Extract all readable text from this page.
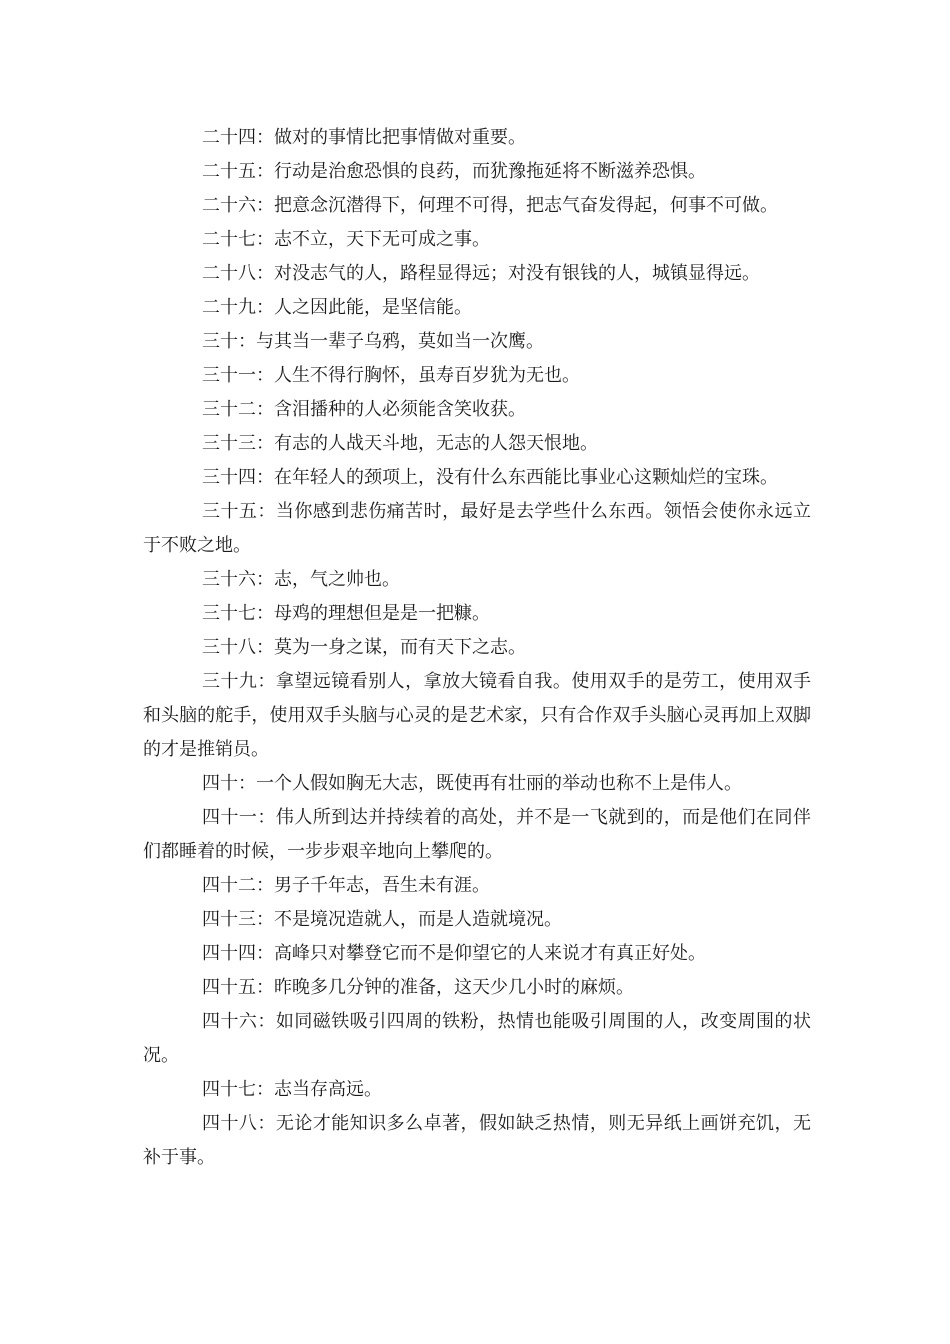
二十四：做对的事情比把事情做对重要。

二十五：行动是治愈恐惧的良药，而犹豫拖延将不断滋养恐惧。

二十六：把意念沉潜得下，何理不可得，把志气奋发得起，何事不可做。

二十七：志不立，天下无可成之事。

二十八：对没志气的人，路程显得远；对没有银钱的人，城镇显得远。

二十九：人之因此能，是坚信能。

三十：与其当一辈子乌鸦，莫如当一次鹰。

三十一：人生不得行胸怀，虽寿百岁犹为无也。

三十二：含泪播种的人必须能含笑收获。

三十三：有志的人战天斗地，无志的人怨天恨地。

三十四：在年轻人的颈项上，没有什么东西能比事业心这颗灿烂的宝珠。

三十五：当你感到悲伤痛苦时，最好是去学些什么东西。领悟会使你永远立于不败之地。

三十六：志，气之帅也。

三十七：母鸡的理想但是是一把糠。

三十八：莫为一身之谋，而有天下之志。

三十九：拿望远镜看别人，拿放大镜看自我。使用双手的是劳工，使用双手和头脑的舵手，使用双手头脑与心灵的是艺术家，只有合作双手头脑心灵再加上双脚的才是推销员。

四十：一个人假如胸无大志，既使再有壮丽的举动也称不上是伟人。

四十一：伟人所到达并持续着的高处，并不是一飞就到的，而是他们在同伴们都睡着的时候，一步步艰辛地向上攀爬的。

四十二：男子千年志，吾生未有涯。

四十三：不是境况造就人，而是人造就境况。

四十四：高峰只对攀登它而不是仰望它的人来说才有真正好处。

四十五：昨晚多几分钟的准备，这天少几小时的麻烦。

四十六：如同磁铁吸引四周的铁粉，热情也能吸引周围的人，改变周围的状况。

四十七：志当存高远。

四十八：无论才能知识多么卓著，假如缺乏热情，则无异纸上画饼充饥，无补于事。
